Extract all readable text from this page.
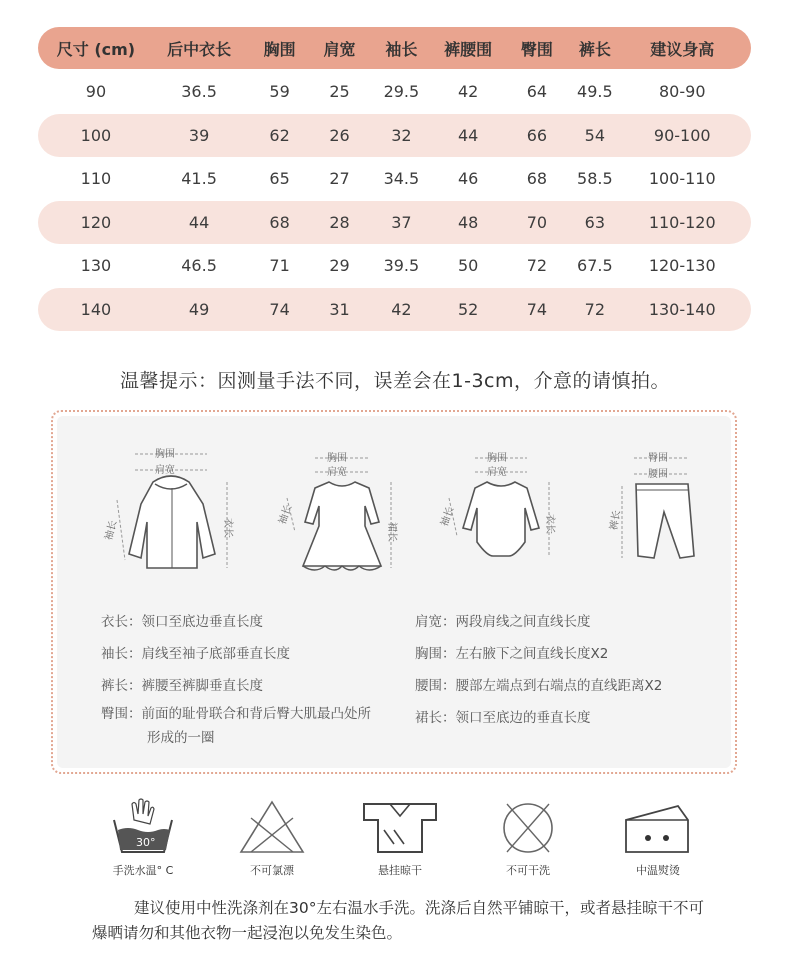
尺寸 (cm)	后中衣长	胸围	肩宽	袖长	裤腰围	臀围	裤长	建议身高
90	36.5	59	25	29.5	42	64	49.5	80-90
100	39	62	26	32	44	66	54	90-100
110	41.5	65	27	34.5	46	68	58.5	100-110
120	44	68	28	37	48	70	63	110-120
130	46.5	71	29	39.5	50	72	67.5	120-130
140	49	74	31	42	52	74	72	130-140
温馨提示：因测量手法不同，误差会在1-3cm，介意的请慎拍。
胸围
肩宽
袖长	衣长
胸围
肩宽
袖长
裙长
胸围
肩宽
袖长	衣长
臀围
腰围
裤长
衣长：领口至底边垂直长度
袖长：肩线至袖子底部垂直长度
裤长：裤腰至裤脚垂直长度
臀围：前面的耻骨联合和背后臀大肌最凸处所形成的一圈
肩宽：两段肩线之间直线长度
胸围：左右腋下之间直线长度X2
腰围：腰部左端点到右端点的直线距离X2
裙长：领口至底边的垂直长度
30°
手洗水温° C	不可氯漂	悬挂晾干	不可干洗	中温熨烫
建议使用中性洗涤剂在30°左右温水手洗。洗涤后自然平铺晾干，或者悬挂晾干不可爆晒请勿和其他衣物一起浸泡以免发生染色。
